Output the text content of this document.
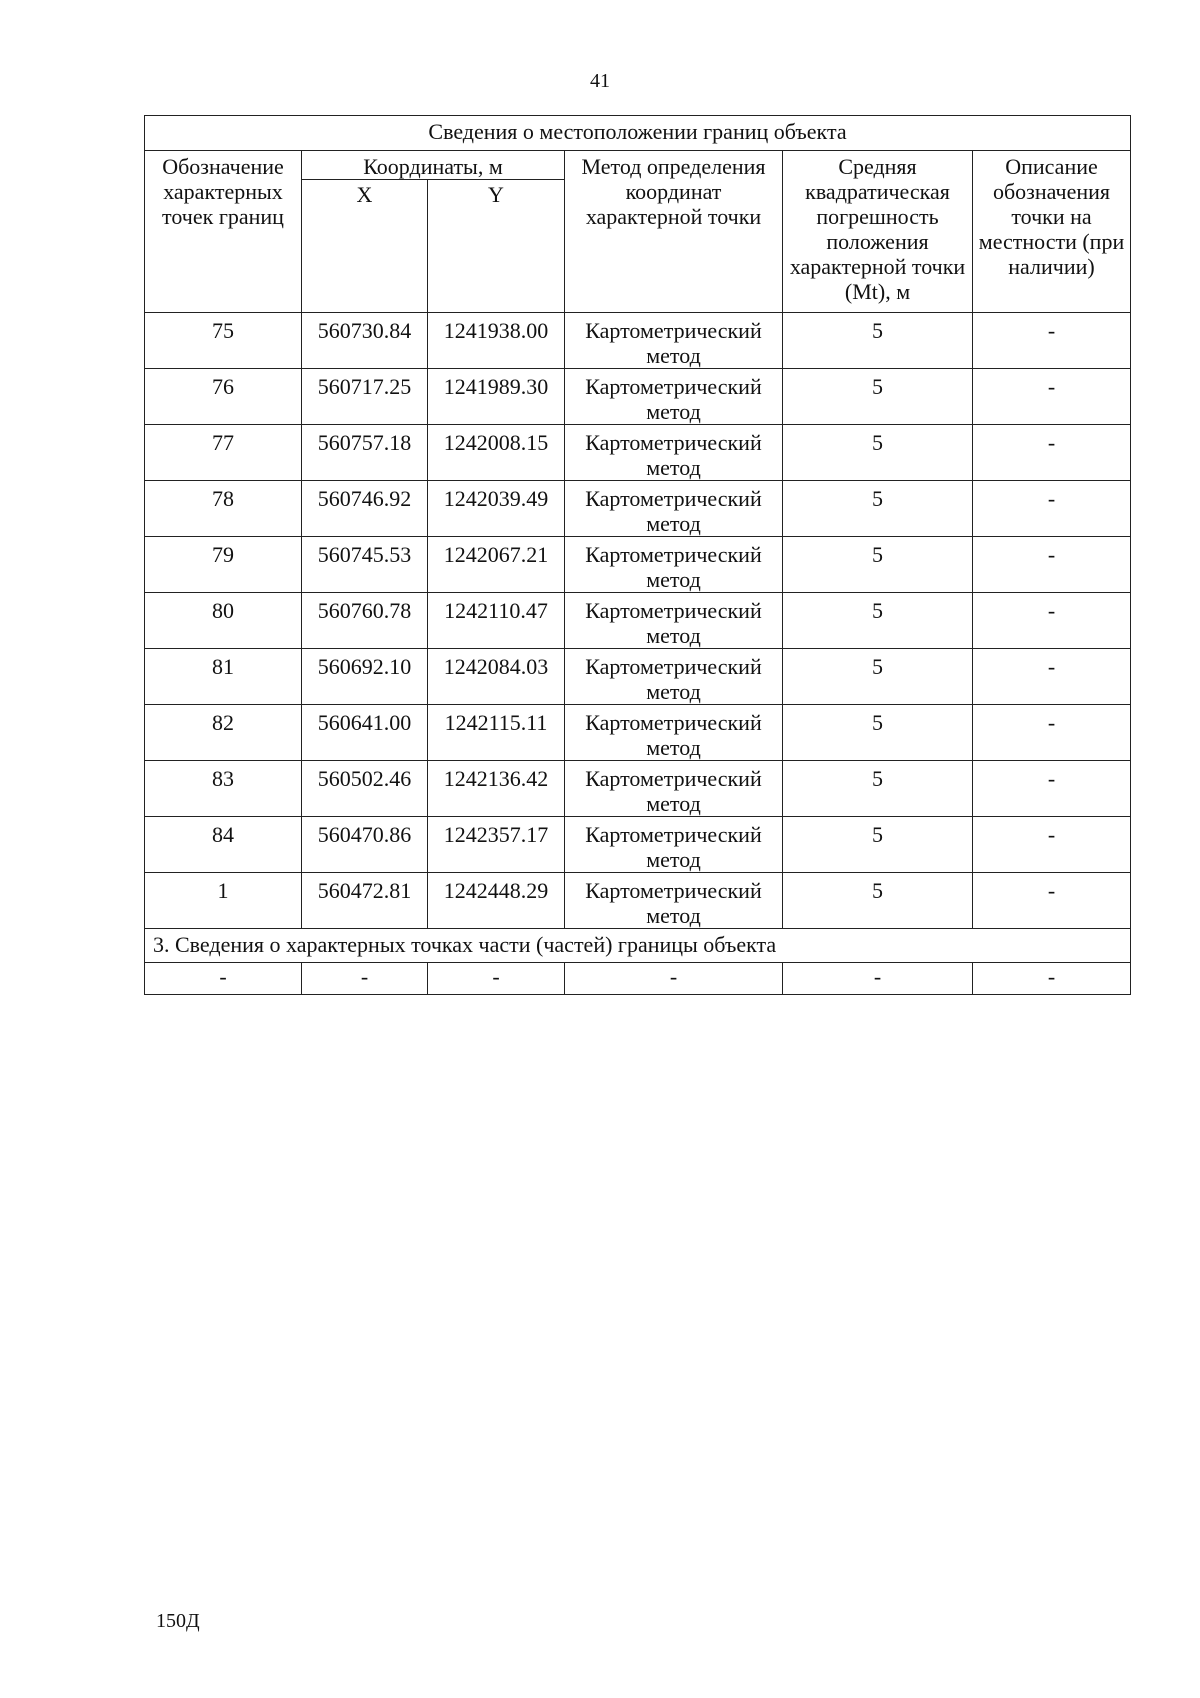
41
Сведения о местоположении границ объекта					
Обозначение характерных точек границ	Координаты, м		Метод определения координат характерной точки	Средняя квадратическая погрешность положения характерной точки (Mt), м	Описание обозначения точки на местности (при наличии)
	X	Y			
75	560730.84	1241938.00	Картометрический метод	5	-
76	560717.25	1241989.30	Картометрический метод	5	-
77	560757.18	1242008.15	Картометрический метод	5	-
78	560746.92	1242039.49	Картометрический метод	5	-
79	560745.53	1242067.21	Картометрический метод	5	-
80	560760.78	1242110.47	Картометрический метод	5	-
81	560692.10	1242084.03	Картометрический метод	5	-
82	560641.00	1242115.11	Картометрический метод	5	-
83	560502.46	1242136.42	Картометрический метод	5	-
84	560470.86	1242357.17	Картометрический метод	5	-
1	560472.81	1242448.29	Картометрический метод	5	-
3. Сведения о характерных точках части (частей) границы объекта					
-	-	-	-	-	-
150Д
